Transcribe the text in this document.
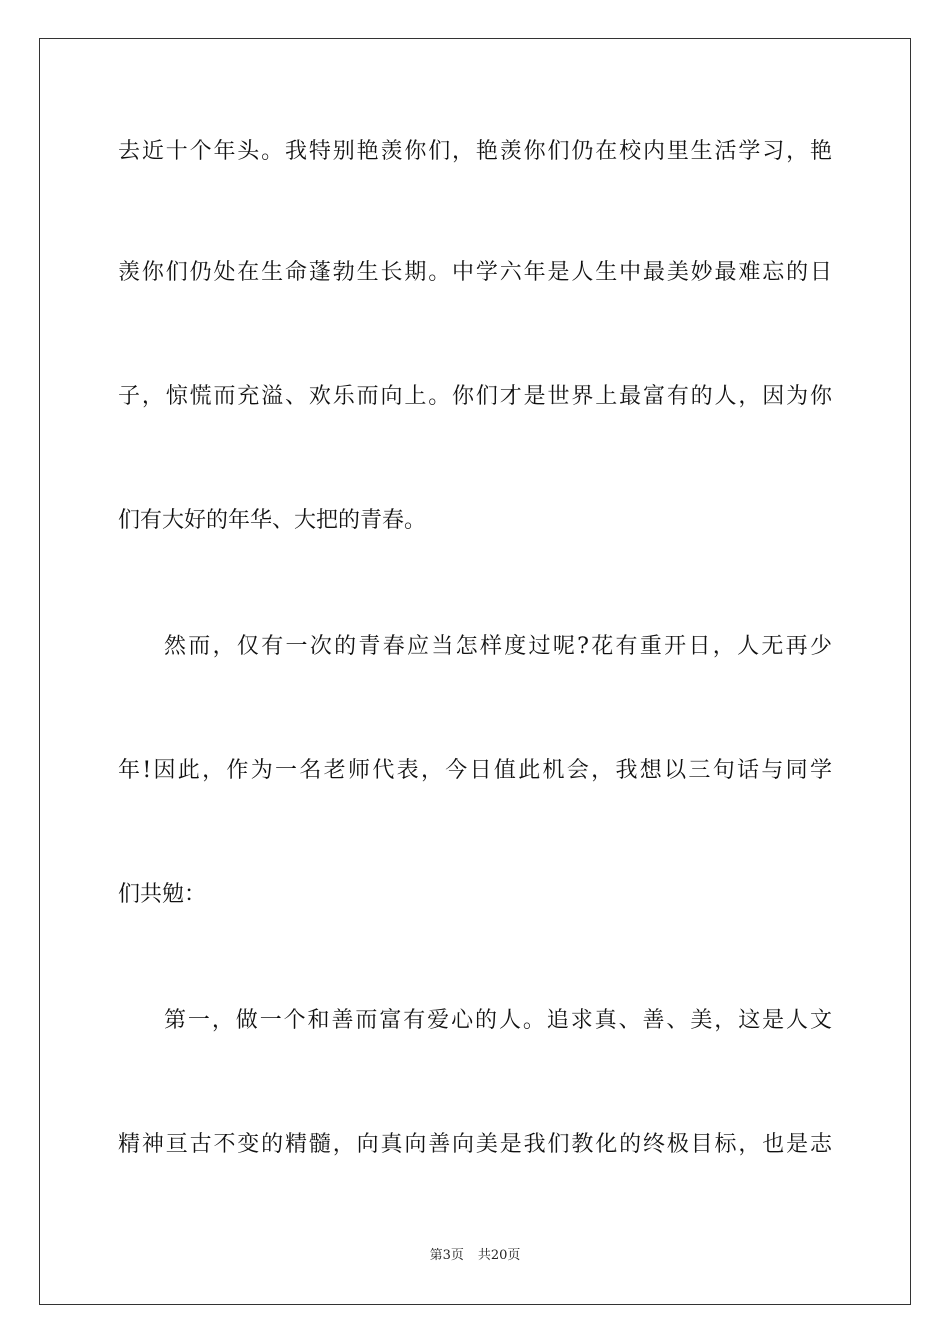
去近十个年头。我特别艳羡你们，艳羡你们仍在校内里生活学习，艳
羡你们仍处在生命蓬勃生长期。中学六年是人生中最美妙最难忘的日
子，惊慌而充溢、欢乐而向上。你们才是世界上最富有的人，因为你
们有大好的年华、大把的青春。
然而，仅有一次的青春应当怎样度过呢?花有重开日，人无再少
年!因此，作为一名老师代表，今日值此机会，我想以三句话与同学
们共勉：
第一，做一个和善而富有爱心的人。追求真、善、美，这是人文
精神亘古不变的精髓，向真向善向美是我们教化的终极目标，也是志
第3页 共20页
